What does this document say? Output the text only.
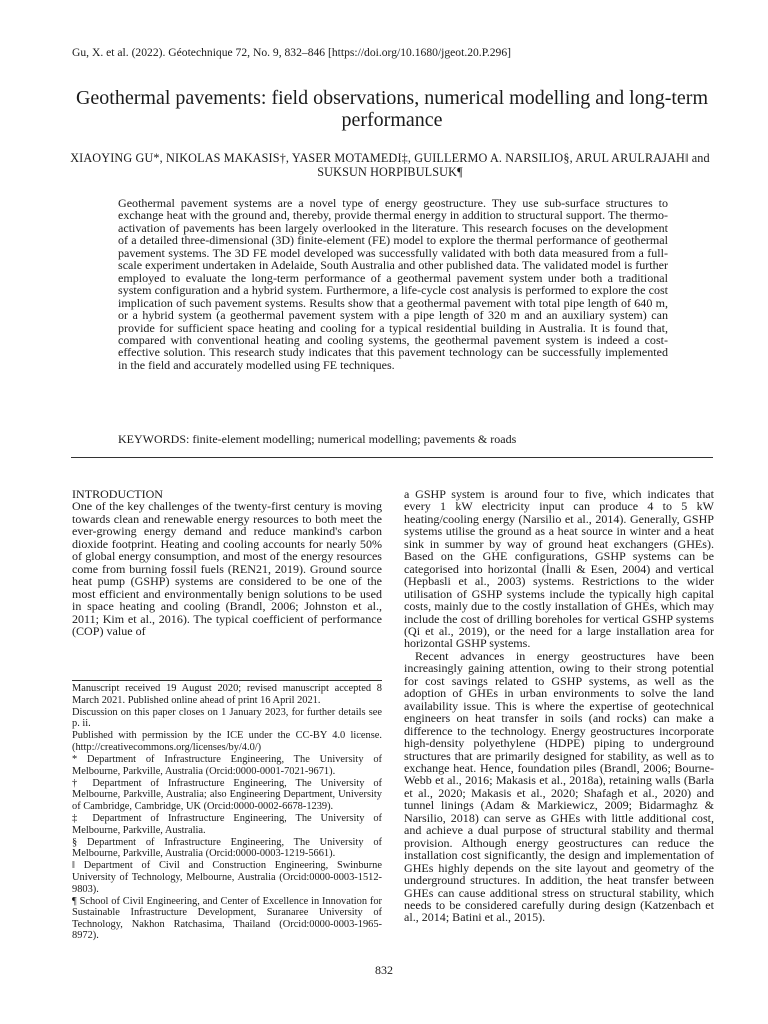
Gu, X. et al. (2022). Géotechnique 72, No. 9, 832–846 [https://doi.org/10.1680/jgeot.20.P.296]
Geothermal pavements: field observations, numerical modelling and long-term performance
XIAOYING GU*, NIKOLAS MAKASIS†, YASER MOTAMEDI‡, GUILLERMO A. NARSILIO§, ARUL ARULRAJAH‖ and SUKSUN HORPIBULSUK¶
Geothermal pavement systems are a novel type of energy geostructure. They use sub-surface structures to exchange heat with the ground and, thereby, provide thermal energy in addition to structural support. The thermo-activation of pavements has been largely overlooked in the literature. This research focuses on the development of a detailed three-dimensional (3D) finite-element (FE) model to explore the thermal performance of geothermal pavement systems. The 3D FE model developed was successfully validated with both data measured from a full-scale experiment undertaken in Adelaide, South Australia and other published data. The validated model is further employed to evaluate the long-term performance of a geothermal pavement system under both a traditional system configuration and a hybrid system. Furthermore, a life-cycle cost analysis is performed to explore the cost implication of such pavement systems. Results show that a geothermal pavement with total pipe length of 640 m, or a hybrid system (a geothermal pavement system with a pipe length of 320 m and an auxiliary system) can provide for sufficient space heating and cooling for a typical residential building in Australia. It is found that, compared with conventional heating and cooling systems, the geothermal pavement system is indeed a cost-effective solution. This research study indicates that this pavement technology can be successfully implemented in the field and accurately modelled using FE techniques.
KEYWORDS: finite-element modelling; numerical modelling; pavements & roads

INTRODUCTION

One of the key challenges of the twenty-first century is moving towards clean and renewable energy resources to both meet the ever-growing energy demand and reduce mankind's carbon dioxide footprint. Heating and cooling accounts for nearly 50% of global energy consumption, and most of the energy resources come from burning fossil fuels (REN21, 2019). Ground source heat pump (GSHP) systems are considered to be one of the most efficient and environmentally benign solutions to be used in space heating and cooling (Brandl, 2006; Johnston et al., 2011; Kim et al., 2016). The typical coefficient of performance (COP) value of

a GSHP system is around four to five, which indicates that every 1 kW electricity input can produce 4 to 5 kW heating/cooling energy (Narsilio et al., 2014). Generally, GSHP systems utilise the ground as a heat source in winter and a heat sink in summer by way of ground heat exchangers (GHEs). Based on the GHE configurations, GSHP systems can be categorised into horizontal (İnalli & Esen, 2004) and vertical (Hepbasli et al., 2003) systems. Restrictions to the wider utilisation of GSHP systems include the typically high capital costs, mainly due to the costly installation of GHEs, which may include the cost of drilling boreholes for vertical GSHP systems (Qi et al., 2019), or the need for a large installation area for horizontal GSHP systems.

Recent advances in energy geostructures have been increasingly gaining attention, owing to their strong potential for cost savings related to GSHP systems, as well as the adoption of GHEs in urban environments to solve the land availability issue. This is where the expertise of geotechnical engineers on heat transfer in soils (and rocks) can make a difference to the technology. Energy geostructures incorporate high-density polyethylene (HDPE) piping to underground structures that are primarily designed for stability, as well as to exchange heat. Hence, foundation piles (Brandl, 2006; Bourne-Webb et al., 2016; Makasis et al., 2018a), retaining walls (Barla et al., 2020; Makasis et al., 2020; Shafagh et al., 2020) and tunnel linings (Adam & Markiewicz, 2009; Bidarmaghz & Narsilio, 2018) can serve as GHEs with little additional cost, and achieve a dual purpose of structural stability and thermal provision. Although energy geostructures can reduce the installation cost significantly, the design and implementation of GHEs highly depends on the site layout and geometry of the underground structures. In addition, the heat transfer between GHEs can cause additional stress on structural stability, which needs to be considered carefully during design (Katzenbach et al., 2014; Batini et al., 2015).

Manuscript received 19 August 2020; revised manuscript accepted 8 March 2021. Published online ahead of print 16 April 2021.

Discussion on this paper closes on 1 January 2023, for further details see p. ii.

Published with permission by the ICE under the CC-BY 4.0 license. (http://creativecommons.org/licenses/by/4.0/)

* Department of Infrastructure Engineering, The University of Melbourne, Parkville, Australia (Orcid:0000-0001-7021-9671).

† Department of Infrastructure Engineering, The University of Melbourne, Parkville, Australia; also Engineering Department, University of Cambridge, Cambridge, UK (Orcid:0000-0002-6678-1239).

‡ Department of Infrastructure Engineering, The University of Melbourne, Parkville, Australia.

§ Department of Infrastructure Engineering, The University of Melbourne, Parkville, Australia (Orcid:0000-0003-1219-5661).

‖ Department of Civil and Construction Engineering, Swinburne University of Technology, Melbourne, Australia (Orcid:0000-0003-1512-9803).

¶ School of Civil Engineering, and Center of Excellence in Innovation for Sustainable Infrastructure Development, Suranaree University of Technology, Nakhon Ratchasima, Thailand (Orcid:0000-0003-1965-8972).

832
